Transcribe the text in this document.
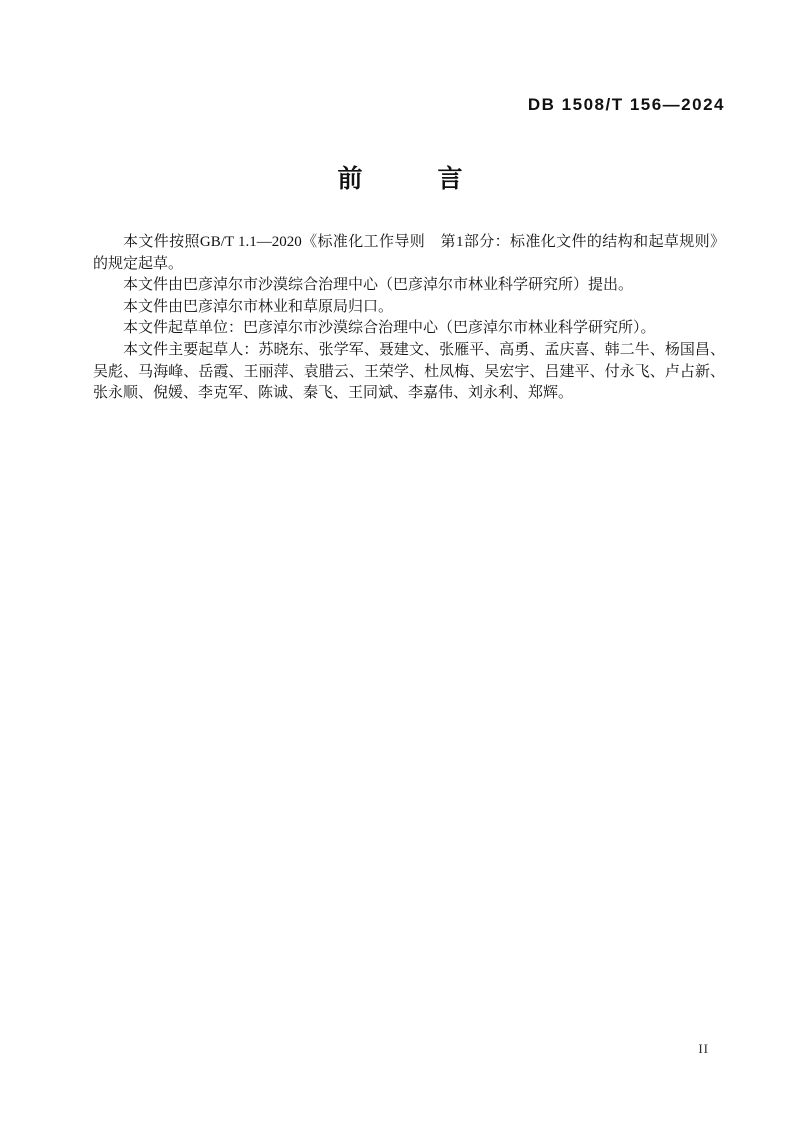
DB 1508/T 156—2024
前　　　言

本文件按照GB/T 1.1—2020《标准化工作导则　第1部分：标准化文件的结构和起草规则》的规定起草。

本文件由巴彦淖尔市沙漠综合治理中心（巴彦淖尔市林业科学研究所）提出。

本文件由巴彦淖尔市林业和草原局归口。

本文件起草单位：巴彦淖尔市沙漠综合治理中心（巴彦淖尔市林业科学研究所）。

本文件主要起草人：苏晓东、张学军、聂建文、张雁平、高勇、孟庆喜、韩二牛、杨国昌、吴彪、马海峰、岳霞、王丽萍、袁腊云、王荣学、杜凤梅、吴宏宇、吕建平、付永飞、卢占新、张永顺、倪媛、李克军、陈诚、秦飞、王同斌、李嘉伟、刘永利、郑辉。

II
